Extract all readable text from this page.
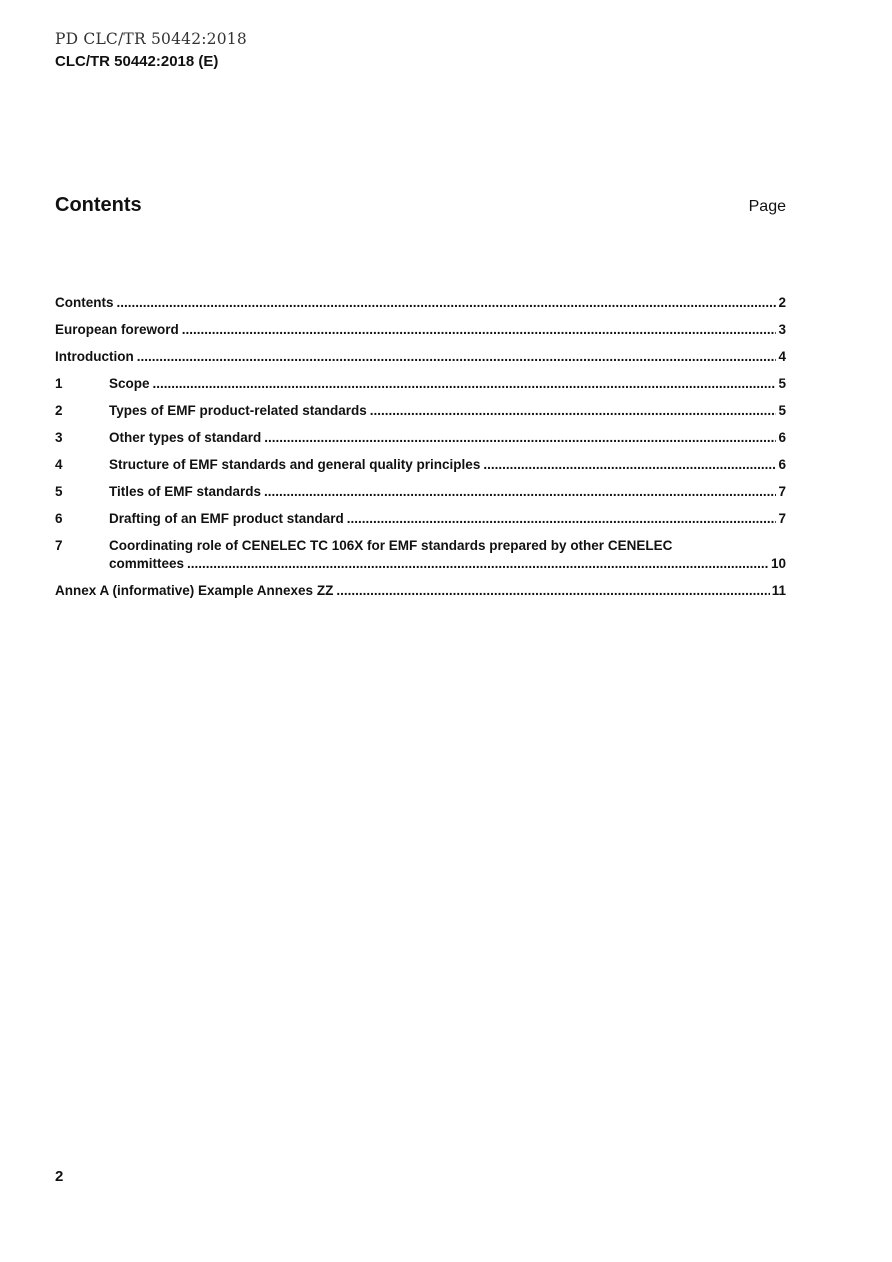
PD CLC/TR 50442:2018
CLC/TR 50442:2018 (E)
Contents	Page
Contents .....	2
European foreword .....	3
Introduction .....	4
1	Scope .....	5
2	Types of EMF product-related standards .....	5
3	Other types of standard .....	6
4	Structure of EMF standards and general quality principles .....	6
5	Titles of EMF standards .....	7
6	Drafting of an EMF product standard .....	7
7	Coordinating role of CENELEC TC 106X for EMF standards prepared by other CENELEC
committees .....	10
Annex A (informative) Example Annexes ZZ .....	11
2
